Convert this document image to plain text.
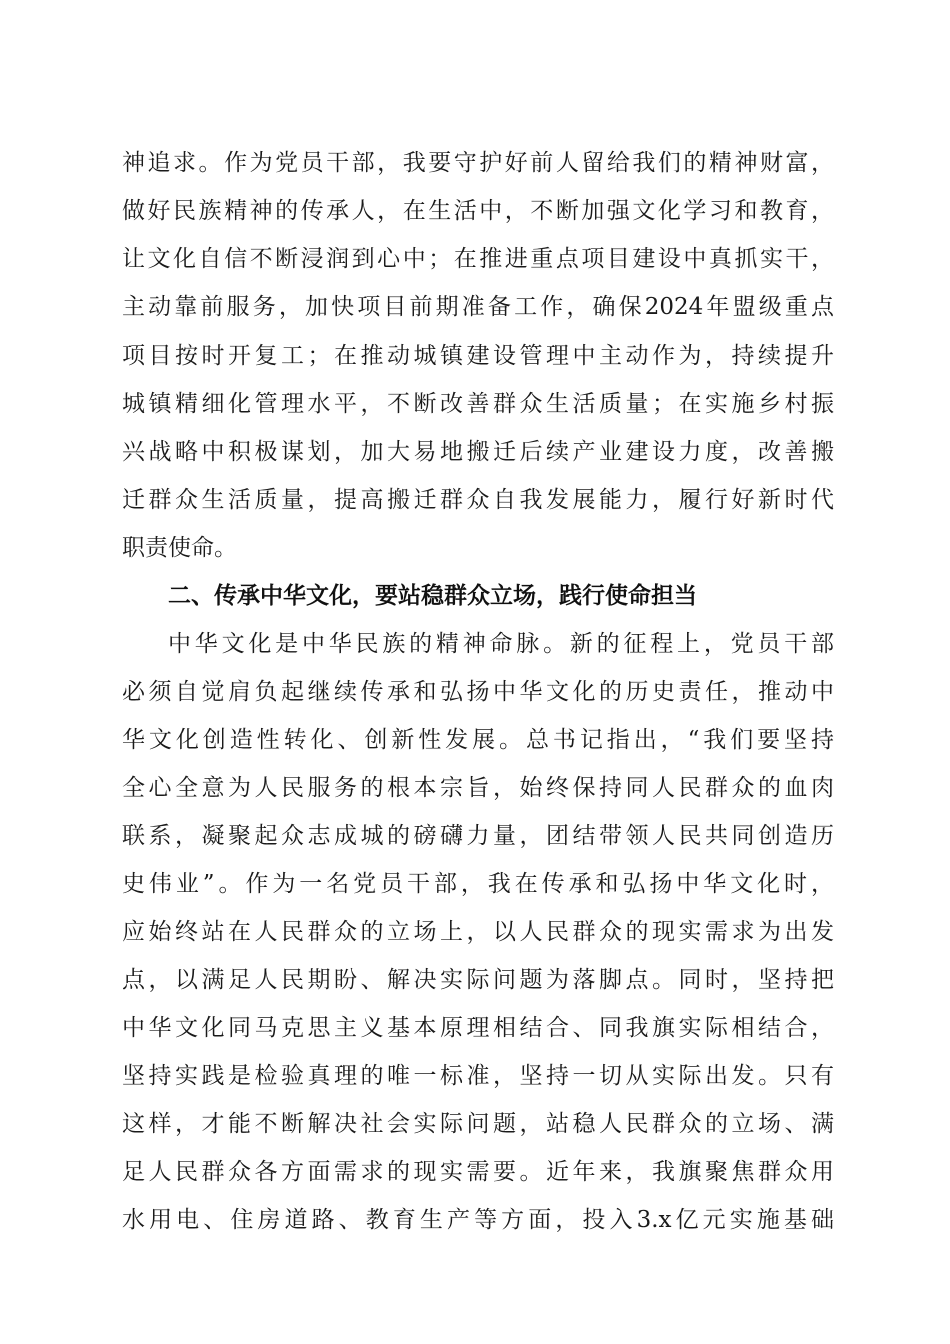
神追求。作为党员干部，我要守护好前人留给我们的精神财富，
做好民族精神的传承人，在生活中，不断加强文化学习和教育，
让文化自信不断浸润到心中；在推进重点项目建设中真抓实干，
主动靠前服务，加快项目前期准备工作，确保2024年盟级重点
项目按时开复工；在推动城镇建设管理中主动作为，持续提升
城镇精细化管理水平，不断改善群众生活质量；在实施乡村振
兴战略中积极谋划，加大易地搬迁后续产业建设力度，改善搬
迁群众生活质量，提高搬迁群众自我发展能力，履行好新时代
职责使命。
二、传承中华文化，要站稳群众立场，践行使命担当
中华文化是中华民族的精神命脉。新的征程上，党员干部
必须自觉肩负起继续传承和弘扬中华文化的历史责任，推动中
华文化创造性转化、创新性发展。总书记指出，“我们要坚持
全心全意为人民服务的根本宗旨，始终保持同人民群众的血肉
联系，凝聚起众志成城的磅礴力量，团结带领人民共同创造历
史伟业”。作为一名党员干部，我在传承和弘扬中华文化时，
应始终站在人民群众的立场上，以人民群众的现实需求为出发
点，以满足人民期盼、解决实际问题为落脚点。同时，坚持把
中华文化同马克思主义基本原理相结合、同我旗实际相结合，
坚持实践是检验真理的唯一标准，坚持一切从实际出发。只有
这样，才能不断解决社会实际问题，站稳人民群众的立场、满
足人民群众各方面需求的现实需要。近年来，我旗聚焦群众用
水用电、住房道路、教育生产等方面，投入3.x亿元实施基础
